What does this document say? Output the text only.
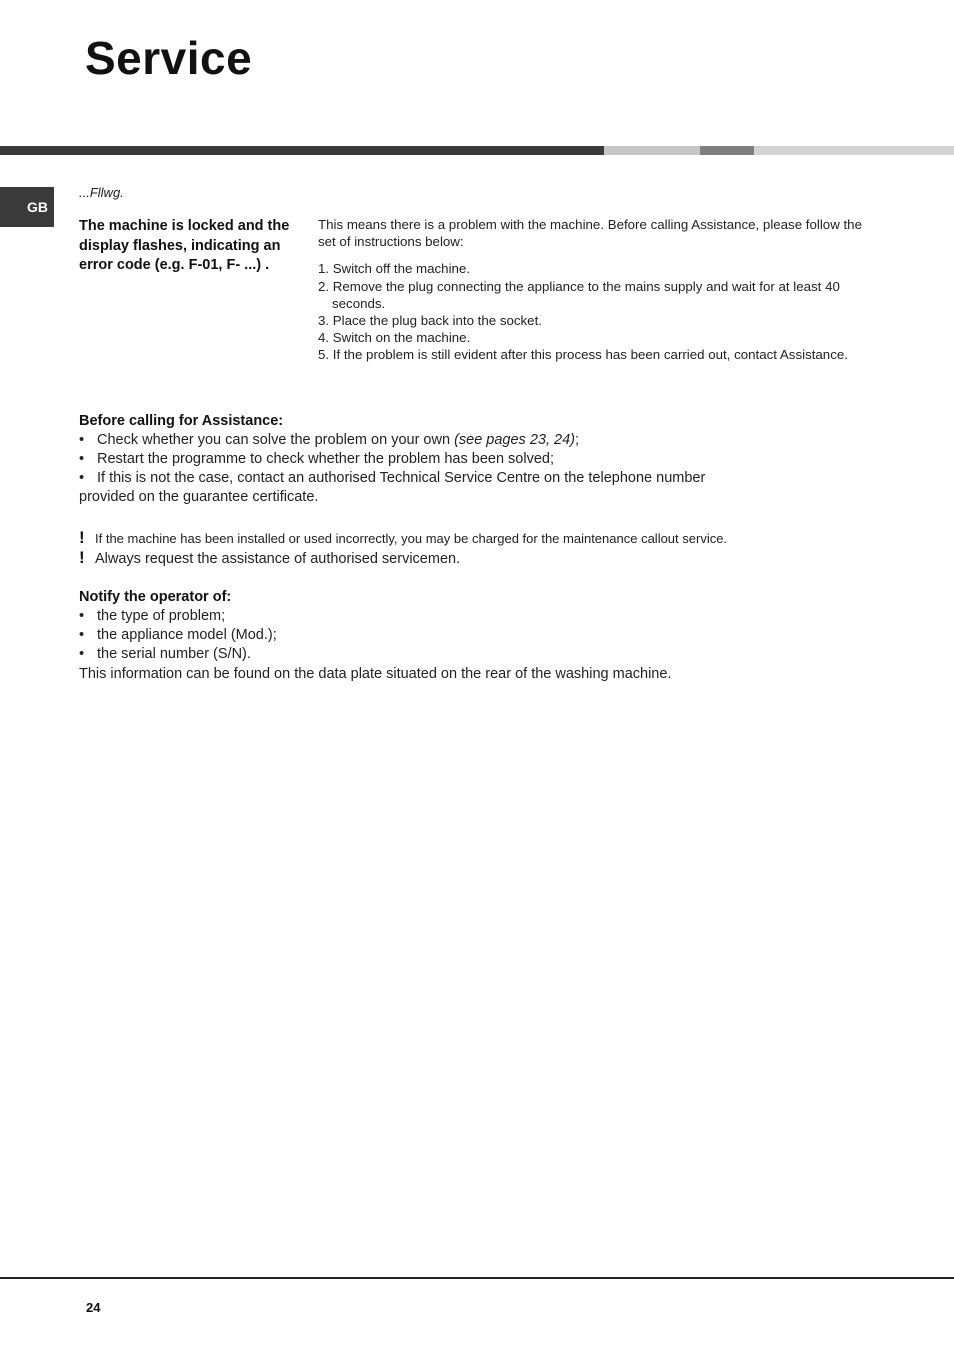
Service
GB
...Fllwg.
The machine is locked and the display flashes, indicating an error code (e.g. F-01, F- ...) .

This means there is a problem with the machine. Before calling Assistance, please follow the set of instructions below:

1. Switch off the machine.
2. Remove the plug connecting the appliance to the mains supply and wait for at least 40 seconds.
3. Place the plug back into the socket.
4. Switch on the machine.
5. If the problem is still evident after this process has been carried out, contact Assistance.
Before calling for Assistance:
• Check whether you can solve the problem on your own (see pages 23, 24);
• Restart the programme to check whether the problem has been solved;
• If this is not the case, contact an authorised Technical Service Centre on the telephone number provided on the guarantee certificate.
! If the machine has been installed or used incorrectly, you may be charged for the maintenance callout service.
! Always request the assistance of authorised servicemen.
Notify the operator of:
• the type of problem;
• the appliance model (Mod.);
• the serial number (S/N).
This information can be found on the data plate situated on the rear of the washing machine.
24
